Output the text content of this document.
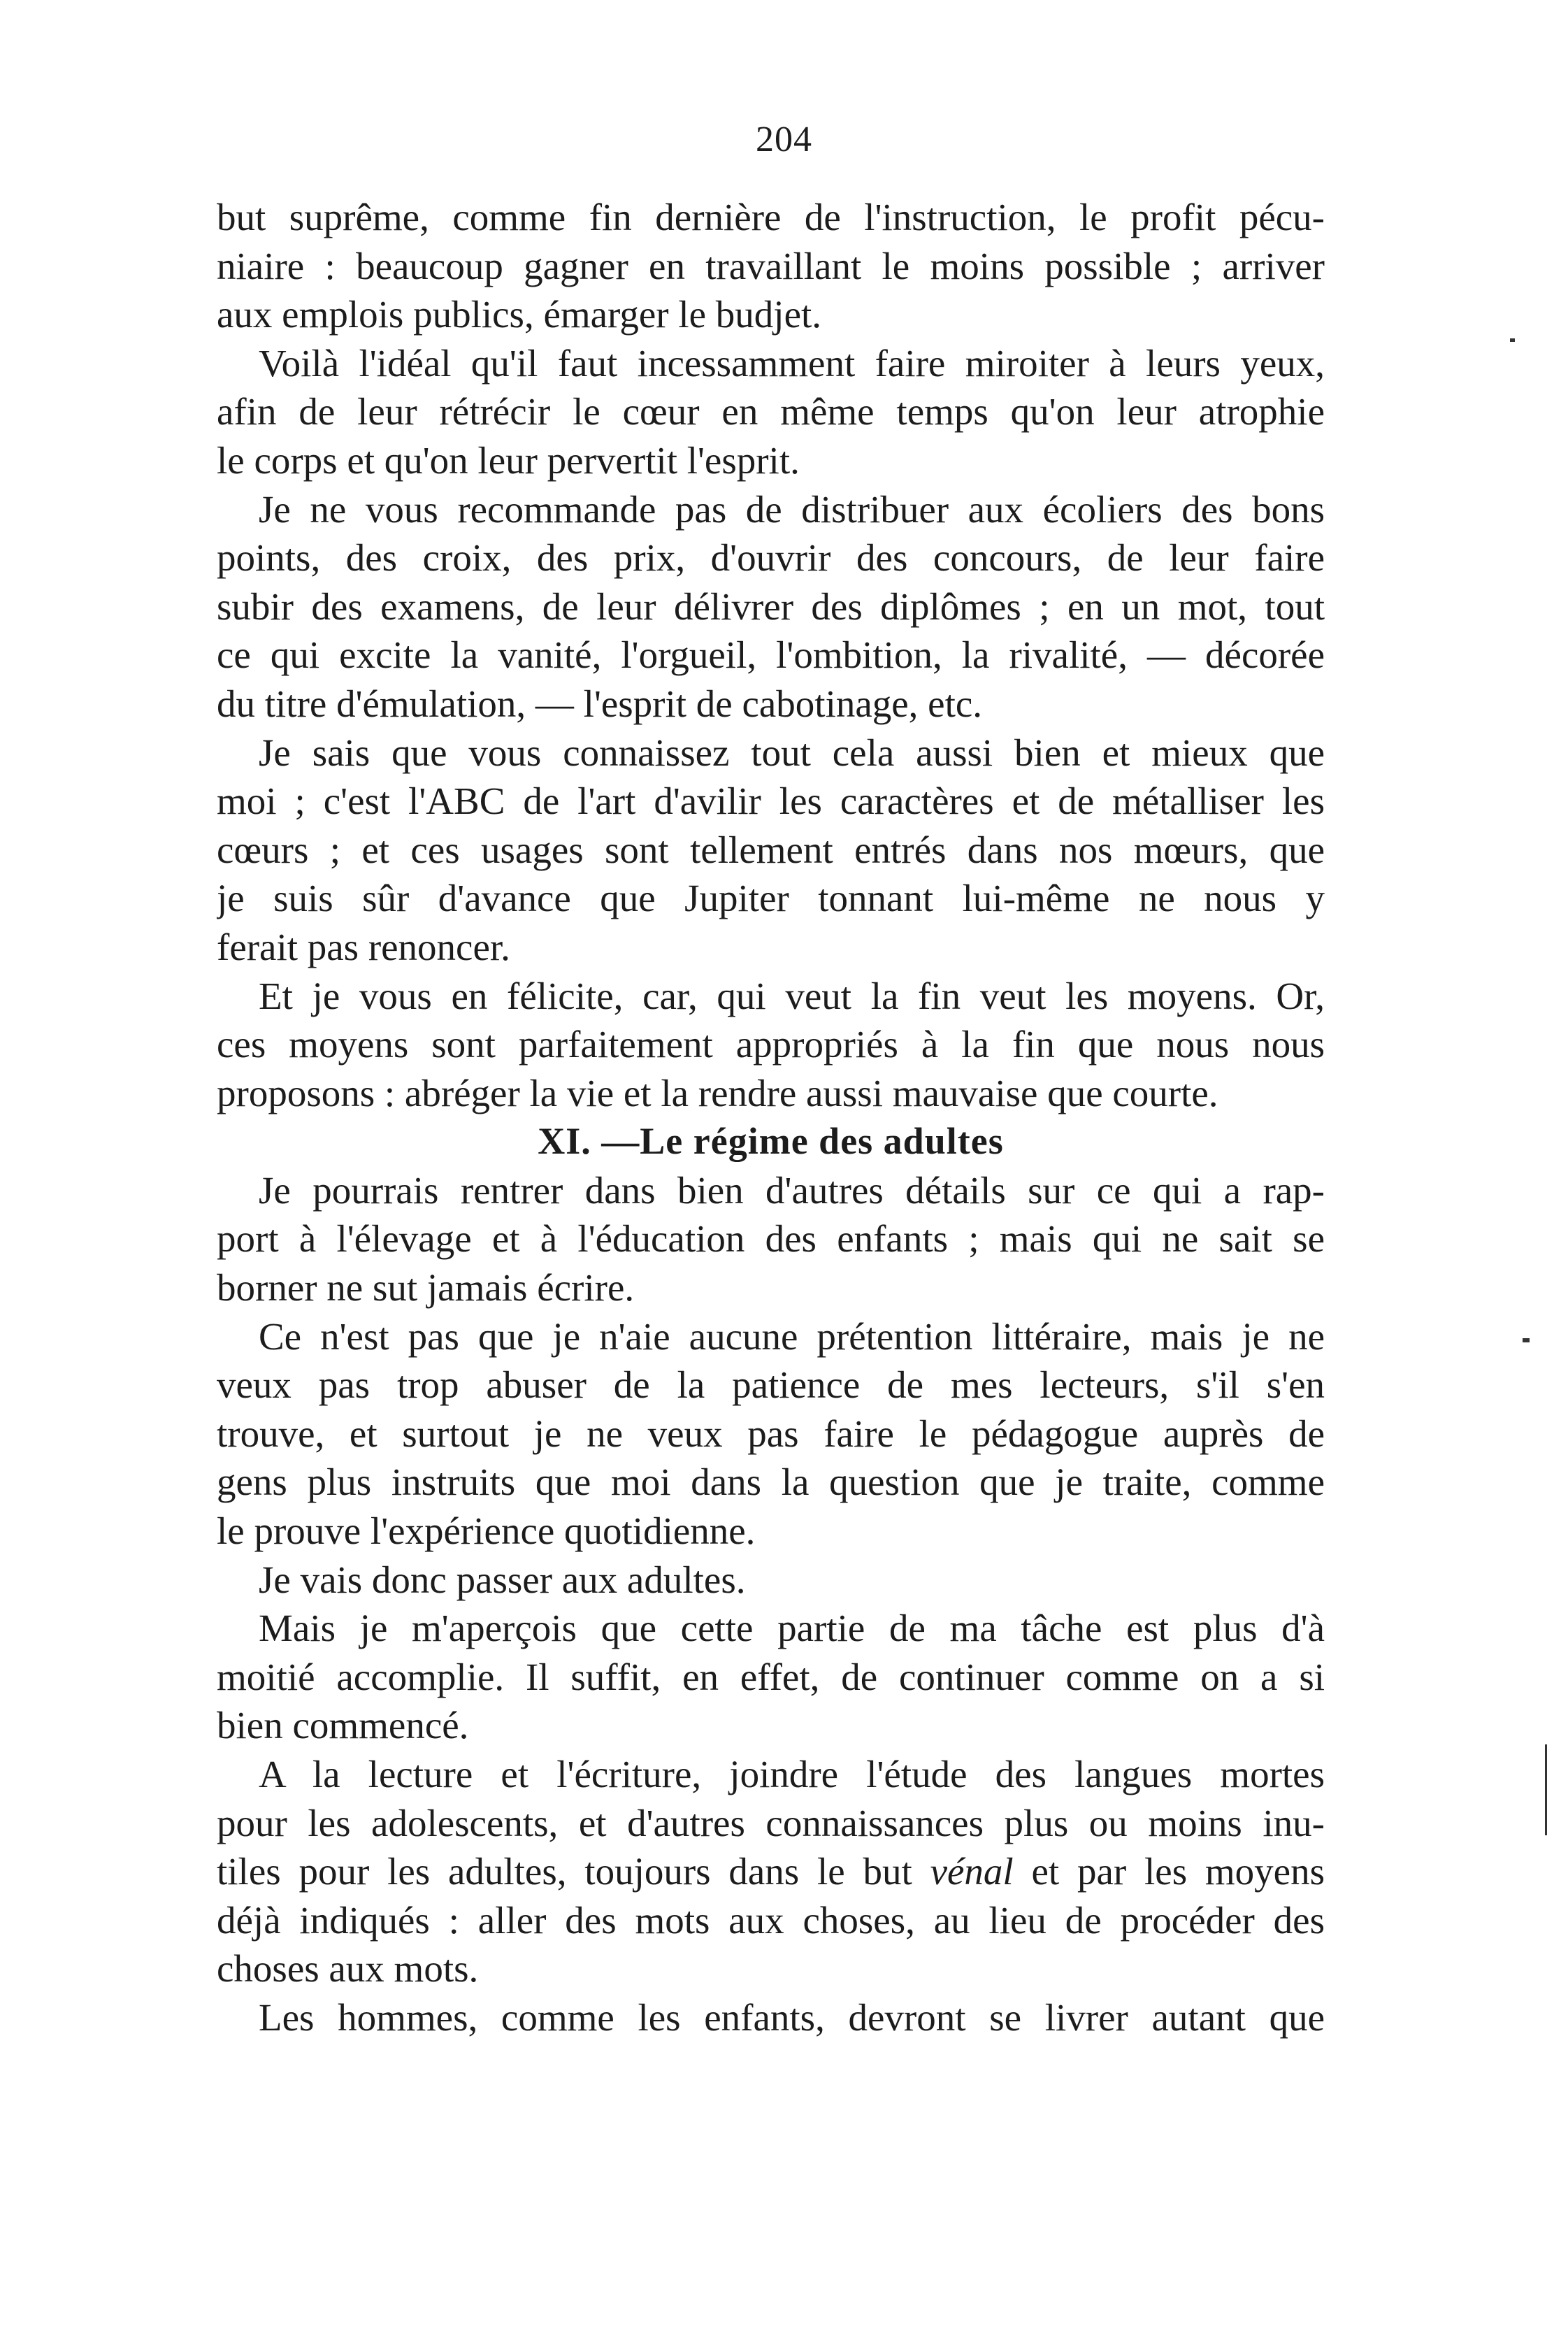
204
but suprême, comme fin dernière de l'instruction, le profit pécu-
niaire : beaucoup gagner en travaillant le moins possible ; arriver
aux emplois publics, émarger le budjet.
Voilà l'idéal qu'il faut incessamment faire miroiter à leurs yeux,
afin de leur rétrécir le cœur en même temps qu'on leur atrophie
le corps et qu'on leur pervertit l'esprit.
Je ne vous recommande pas de distribuer aux écoliers des bons
points, des croix, des prix, d'ouvrir des concours, de leur faire
subir des examens, de leur délivrer des diplômes ; en un mot, tout
ce qui excite la vanité, l'orgueil, l'ombition, la rivalité, — décorée
du titre d'émulation, — l'esprit de cabotinage, etc.
Je sais que vous connaissez tout cela aussi bien et mieux que
moi ; c'est l'ABC de l'art d'avilir les caractères et de métalliser les
cœurs ; et ces usages sont tellement entrés dans nos mœurs, que
je suis sûr d'avance que Jupiter tonnant lui-même ne nous y
ferait pas renoncer.
Et je vous en félicite, car, qui veut la fin veut les moyens. Or,
ces moyens sont parfaitement appropriés à la fin que nous nous
proposons : abréger la vie et la rendre aussi mauvaise que courte.
XI. —Le régime des adultes
Je pourrais rentrer dans bien d'autres détails sur ce qui a rap-
port à l'élevage et à l'éducation des enfants ; mais qui ne sait se
borner ne sut jamais écrire.
Ce n'est pas que je n'aie aucune prétention littéraire, mais je ne
veux pas trop abuser de la patience de mes lecteurs, s'il s'en
trouve, et surtout je ne veux pas faire le pédagogue auprès de
gens plus instruits que moi dans la question que je traite, comme
le prouve l'expérience quotidienne.
Je vais donc passer aux adultes.
Mais je m'aperçois que cette partie de ma tâche est plus d'à
moitié accomplie. Il suffit, en effet, de continuer comme on a si
bien commencé.
A la lecture et l'écriture, joindre l'étude des langues mortes
pour les adolescents, et d'autres connaissances plus ou moins inu-
tiles pour les adultes, toujours dans le but vénal et par les moyens
déjà indiqués : aller des mots aux choses, au lieu de procéder des
choses aux mots.
Les hommes, comme les enfants, devront se livrer autant que
